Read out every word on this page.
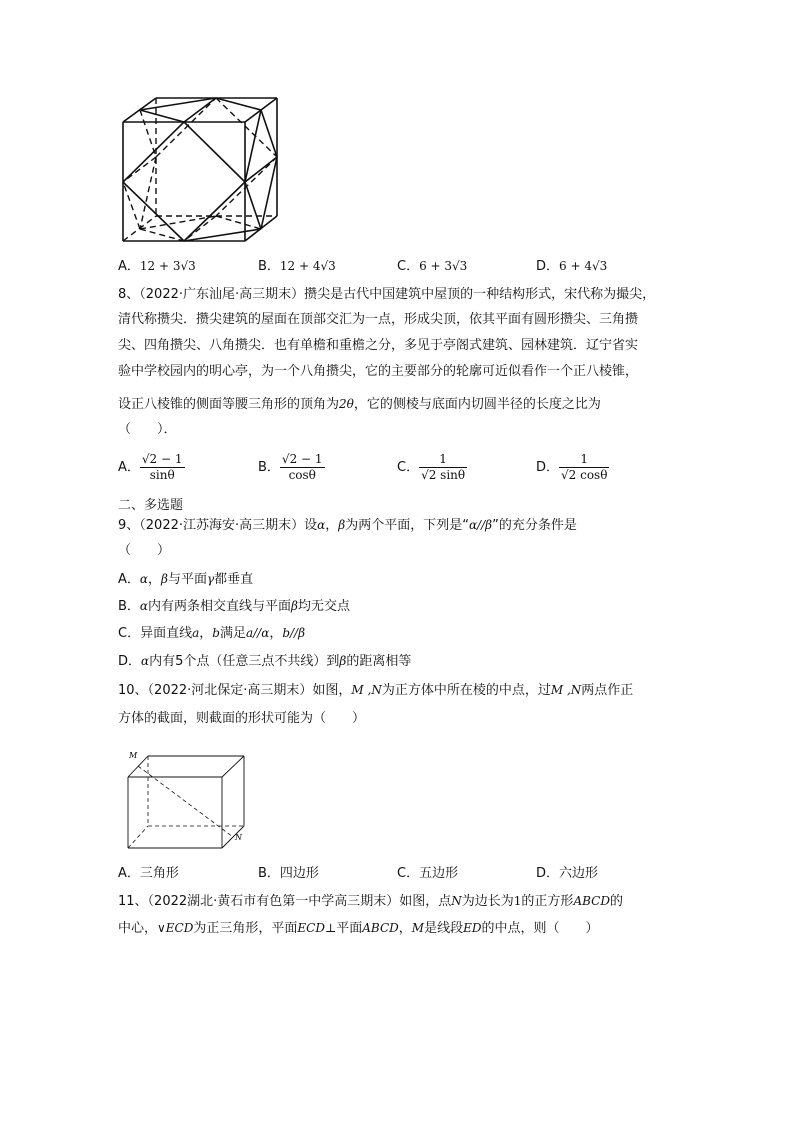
A．12 + 3√3	B．12 + 4√3	C．6 + 3√3	D．6 + 4√3
8、（2022·广东汕尾·高三期末）攒尖是古代中国建筑中屋顶的一种结构形式，宋代称为撮尖，
清代称攒尖．攒尖建筑的屋面在顶部交汇为一点，形成尖顶，依其平面有圆形攒尖、三角攒
尖、四角攒尖、八角攒尖．也有单檐和重檐之分，多见于亭阁式建筑、园林建筑．辽宁省实
验中学校园内的明心亭，为一个八角攒尖，它的主要部分的轮廓可近似看作一个正八棱锥，
设正八棱锥的侧面等腰三角形的顶角为2θ，它的侧棱与底面内切圆半径的长度之比为
（　　）．
A． $\frac{√2 - 1}{\sin\theta}$	B． $\frac{√2 - 1}{\cos\theta}$	C． $\frac{1}{√2 \sin\theta}$	D． $\frac{1}{√2 \cos\theta}$
二、多选题
9、（2022·江苏海安·高三期末）设α，β为两个平面，下列是“α//β”的充分条件是
（　　）
A．α，β与平面γ都垂直
B．α内有两条相交直线与平面β均无交点
C．异面直线a，b满足a//α，b//β
D．α内有5个点（任意三点不共线）到β的距离相等
10、（2022·河北保定·高三期末）如图，M ,N为正方体中所在棱的中点，过M ,N两点作正
方体的截面，则截面的形状可能为（　　）
M
N
A．三角形	B．四边形	C．五边形	D．六边形
11、（2022湖北·黄石市有色第一中学高三期末）如图，点N为边长为1的正方形ABCD的
中心，∨ECD为正三角形，平面ECD⊥平面ABCD，M是线段ED的中点，则（　　）
